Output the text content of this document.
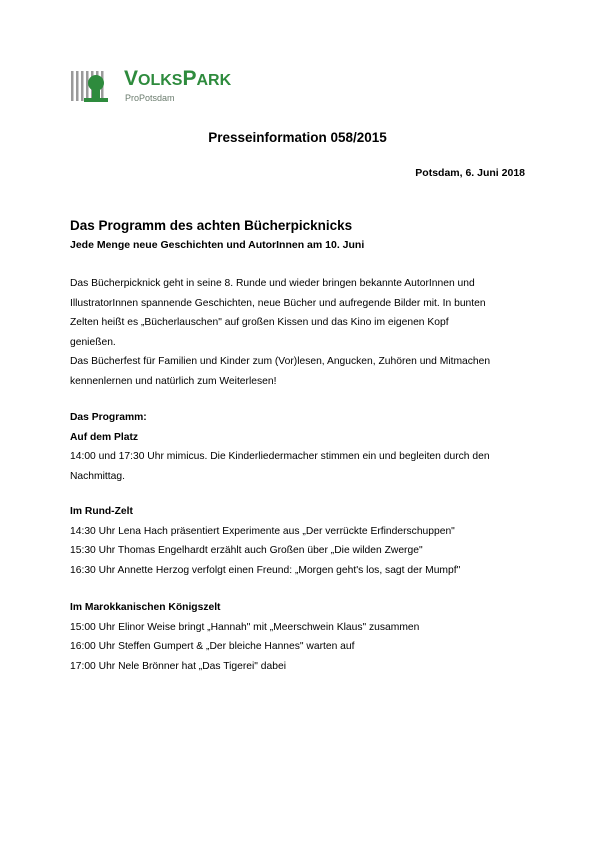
VOLKSPARK
ProPotsdam
Presseinformation 058/2015
Potsdam, 6. Juni 2018
Das Programm des achten Bücherpicknicks
Jede Menge neue Geschichten und AutorInnen am 10. Juni
Das Bücherpicknick geht in seine 8. Runde und wieder bringen bekannte AutorInnen und
IllustratorInnen spannende Geschichten, neue Bücher und aufregende Bilder mit. In bunten
Zelten heißt es „Bücherlauschen" auf großen Kissen und das Kino im eigenen Kopf
genießen.
Das Bücherfest für Familien und Kinder zum (Vor)lesen, Angucken, Zuhören und Mitmachen
kennenlernen und natürlich zum Weiterlesen!
Das Programm:
Auf dem Platz
14:00 und 17:30 Uhr mimicus. Die Kinderliedermacher stimmen ein und begleiten durch den
Nachmittag.
Im Rund-Zelt
14:30 Uhr Lena Hach präsentiert Experimente aus „Der verrückte Erfinderschuppen"
15:30 Uhr Thomas Engelhardt erzählt auch Großen über „Die wilden Zwerge"
16:30 Uhr Annette Herzog verfolgt einen Freund: „Morgen geht's los, sagt der Mumpf"
Im Marokkanischen Königszelt
15:00 Uhr Elinor Weise bringt „Hannah" mit „Meerschwein Klaus" zusammen
16:00 Uhr Steffen Gumpert & „Der bleiche Hannes" warten auf
17:00 Uhr Nele Brönner hat „Das Tigerei" dabei
